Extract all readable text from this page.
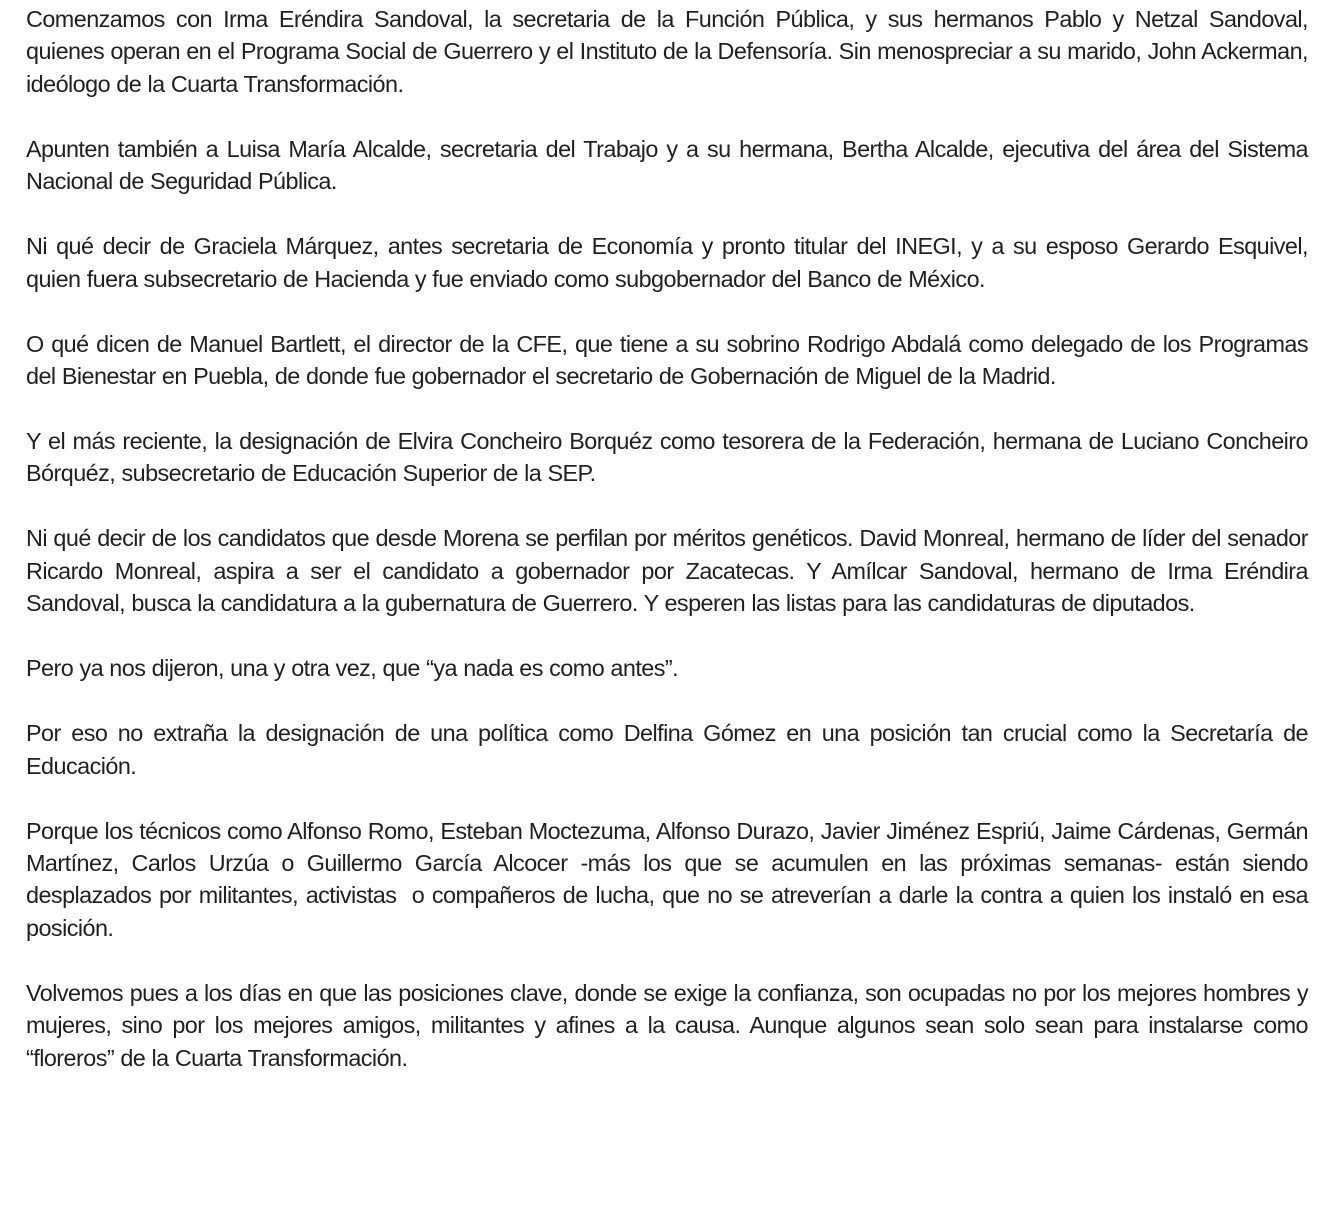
Comenzamos con Irma Eréndira Sandoval, la secretaria de la Función Pública, y sus hermanos Pablo y Netzal Sandoval, quienes operan en el Programa Social de Guerrero y el Instituto de la Defensoría. Sin menospreciar a su marido, John Ackerman, ideólogo de la Cuarta Transformación.

Apunten también a Luisa María Alcalde, secretaria del Trabajo y a su hermana, Bertha Alcalde, ejecutiva del área del Sistema Nacional de Seguridad Pública.

Ni qué decir de Graciela Márquez, antes secretaria de Economía y pronto titular del INEGI, y a su esposo Gerardo Esquivel, quien fuera subsecretario de Hacienda y fue enviado como subgobernador del Banco de México.

O qué dicen de Manuel Bartlett, el director de la CFE, que tiene a su sobrino Rodrigo Abdalá como delegado de los Programas del Bienestar en Puebla, de donde fue gobernador el secretario de Gobernación de Miguel de la Madrid.

Y el más reciente, la designación de Elvira Concheiro Borquéz como tesorera de la Federación, hermana de Luciano Concheiro Bórquéz, subsecretario de Educación Superior de la SEP.

Ni qué decir de los candidatos que desde Morena se perfilan por méritos genéticos. David Monreal, hermano de líder del senador Ricardo Monreal, aspira a ser el candidato a gobernador por Zacatecas. Y Amílcar Sandoval, hermano de Irma Eréndira Sandoval, busca la candidatura a la gubernatura de Guerrero. Y esperen las listas para las candidaturas de diputados.

Pero ya nos dijeron, una y otra vez, que “ya nada es como antes”.

Por eso no extraña la designación de una política como Delfina Gómez en una posición tan crucial como la Secretaría de Educación.

Porque los técnicos como Alfonso Romo, Esteban Moctezuma, Alfonso Durazo, Javier Jiménez Espriú, Jaime Cárdenas, Germán Martínez, Carlos Urzúa o Guillermo García Alcocer -más los que se acumulen en las próximas semanas- están siendo desplazados por militantes, activistas  o compañeros de lucha, que no se atreverían a darle la contra a quien los instaló en esa posición.

Volvemos pues a los días en que las posiciones clave, donde se exige la confianza, son ocupadas no por los mejores hombres y mujeres, sino por los mejores amigos, militantes y afines a la causa. Aunque algunos sean solo sean para instalarse como “floreros” de la Cuarta Transformación.
